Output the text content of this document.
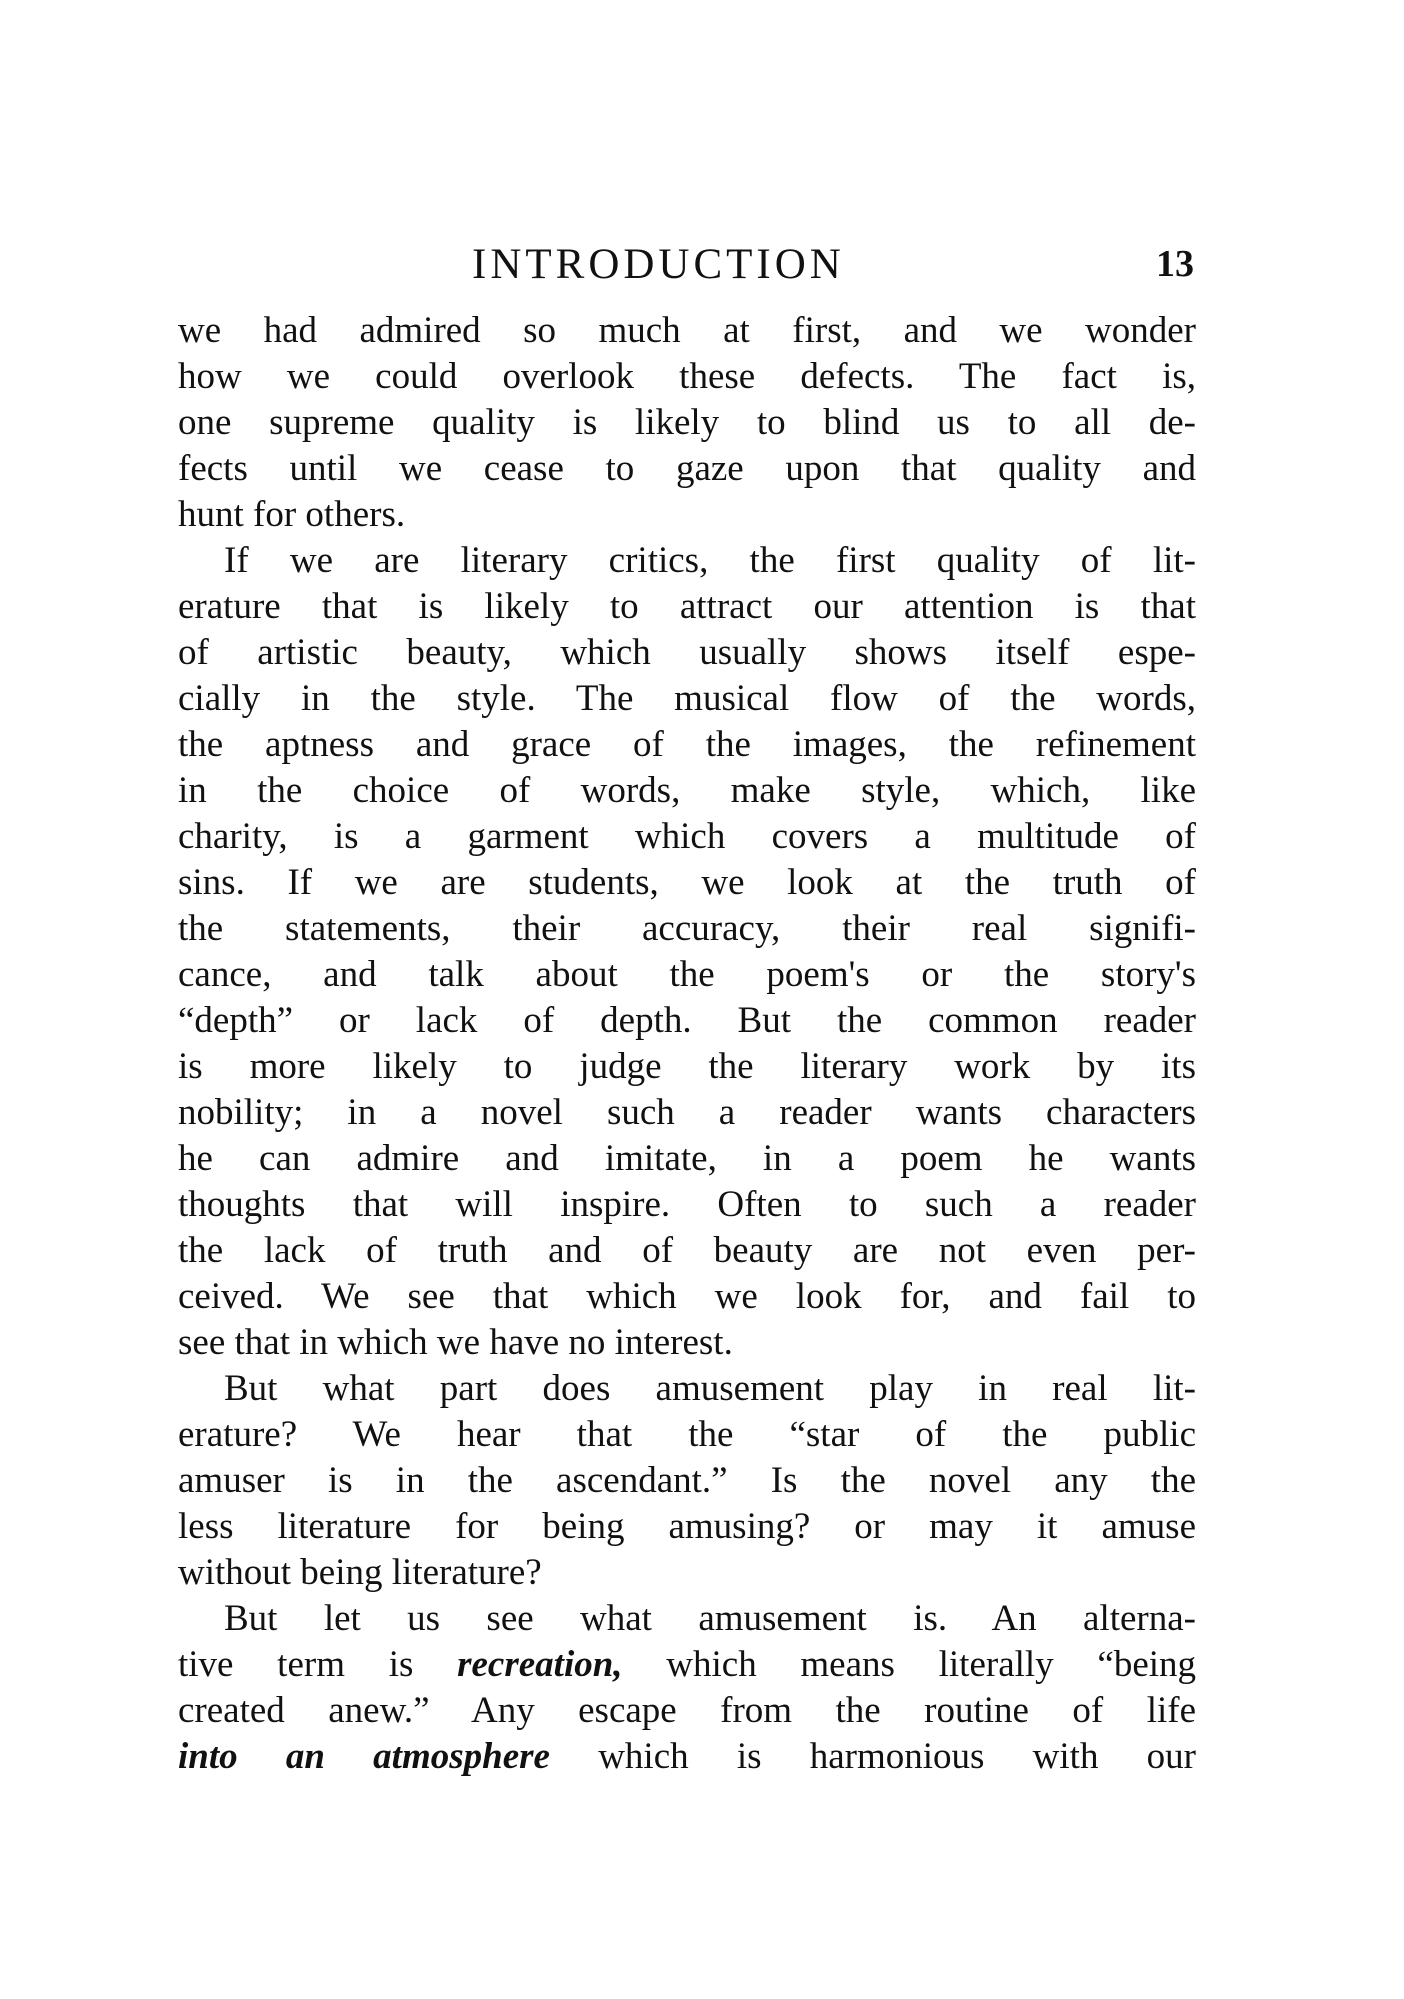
INTRODUCTION	13
we had admired so much at first, and we wonder
how we could overlook these defects. The fact is,
one supreme quality is likely to blind us to all de-
fects until we cease to gaze upon that quality and
hunt for others.
If we are literary critics, the first quality of lit-
erature that is likely to attract our attention is that
of artistic beauty, which usually shows itself espe-
cially in the style. The musical flow of the words,
the aptness and grace of the images, the refinement
in the choice of words, make style, which, like
charity, is a garment which covers a multitude of
sins. If we are students, we look at the truth of
the statements, their accuracy, their real signifi-
cance, and talk about the poem's or the story's
“depth” or lack of depth. But the common reader
is more likely to judge the literary work by its
nobility; in a novel such a reader wants characters
he can admire and imitate, in a poem he wants
thoughts that will inspire. Often to such a reader
the lack of truth and of beauty are not even per-
ceived. We see that which we look for, and fail to
see that in which we have no interest.
But what part does amusement play in real lit-
erature? We hear that the “star of the public
amuser is in the ascendant.” Is the novel any the
less literature for being amusing? or may it amuse
without being literature?
But let us see what amusement is. An alterna-
tive term is recreation, which means literally “being
created anew.” Any escape from the routine of life
into an atmosphere which is harmonious with our
